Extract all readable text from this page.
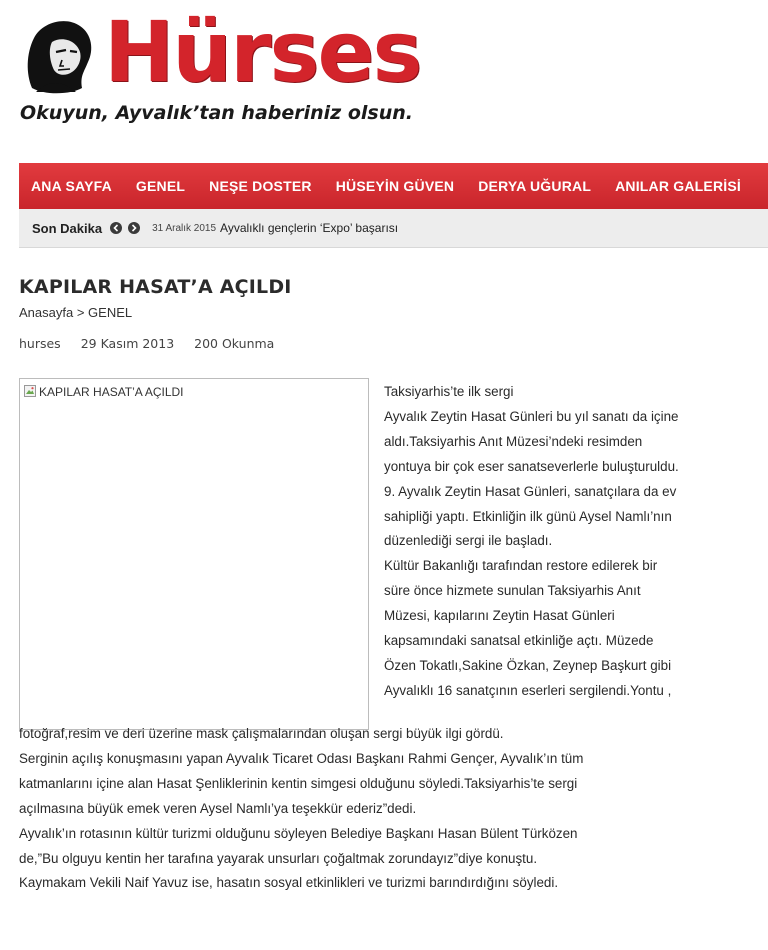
Hürses
Okuyun, Ayvalık’tan haberiniz olsun.
ANA SAYFA	GENEL	NEŞE DOSTER	HÜSEYİN GÜVEN	DERYA UĞURAL	ANILAR GALERİSİ
Son Dakika	31 Aralık 2015 Ayvalıklı gençlerin ‘Expo’ başarısı
KAPILAR HASAT’A AÇILDI
Anasayfa > GENEL
hurses 29 Kasım 2013 200 Okunma
KAPILAR HASAT’A AÇILDI	Taksiyarhis’te ilk sergi

Ayvalık Zeytin Hasat Günleri bu yıl sanatı da içine

aldı.Taksiyarhis Anıt Müzesi’ndeki resimden

yontuya bir çok eser sanatseverlerle buluşturuldu.

9. Ayvalık Zeytin Hasat Günleri, sanatçılara da ev

sahipliği yaptı. Etkinliğin ilk günü Aysel Namlı’nın

düzenlediği sergi ile başladı.

Kültür Bakanlığı tarafından restore edilerek bir

süre önce hizmete sunulan Taksiyarhis Anıt

Müzesi, kapılarını Zeytin Hasat Günleri

kapsamındaki sanatsal etkinliğe açtı. Müzede

Özen Tokatlı,Sakine Özkan, Zeynep Başkurt gibi

Ayvalıklı 16 sanatçının eserleri sergilendi.Yontu ,

fotoğraf,resim ve deri üzerine mask çalışmalarından oluşan sergi büyük ilgi gördü.

Serginin açılış konuşmasını yapan Ayvalık Ticaret Odası Başkanı Rahmi Gençer, Ayvalık’ın tüm

katmanlarını içine alan Hasat Şenliklerinin kentin simgesi olduğunu söyledi.Taksiyarhis’te sergi

açılmasına büyük emek veren Aysel Namlı’ya teşekkür ederiz”dedi.

Ayvalık’ın rotasının kültür turizmi olduğunu söyleyen Belediye Başkanı Hasan Bülent Türközen

de,”Bu olguyu kentin her tarafına yayarak unsurları çoğaltmak zorundayız”diye konuştu.

Kaymakam Vekili Naif Yavuz ise, hasatın sosyal etkinlikleri ve turizmi barındırdığını söyledi.
